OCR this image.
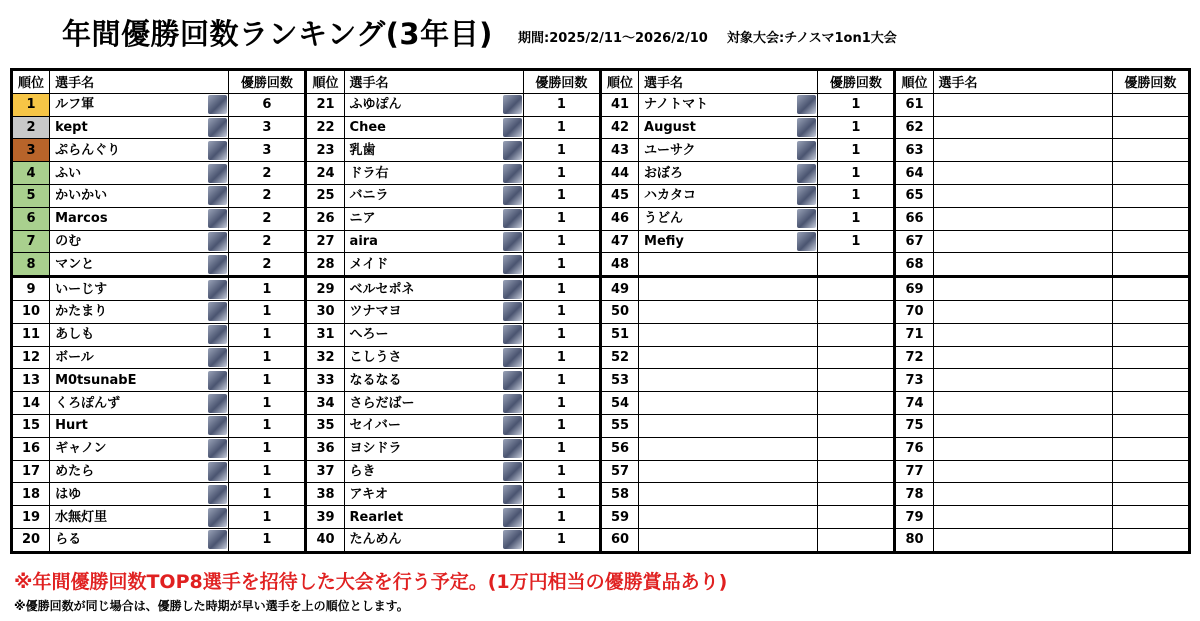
年間優勝回数ランキング(3年目) 期間:2025/2/11～2026/2/10 対象大会:チノスマ1on1大会
順位	選手名	優勝回数	順位	選手名	優勝回数	順位	選手名	優勝回数	順位	選手名	優勝回数
1	ルフ軍	6	21	ふゆぽん	1	41	ナノトマト	1	61	

2	kept	3	22	Chee	1	42	August	1	62	

3	ぷらんぐり	3	23	乳歯	1	43	ユーサク	1	63	

4	ふい	2	24	ドラ右	1	44	おぼろ	1	64	

5	かいかい	2	25	バニラ	1	45	ハカタコ	1	65	

6	Marcos	2	26	ニア	1	46	うどん	1	66	

7	のむ	2	27	aira	1	47	Mefiy	1	67	

8	マンと	2	28	メイド	1	48			68	

9	いーじす	1	29	ベルセポネ	1	49			69	

10	かたまり	1	30	ツナマヨ	1	50			70	

11	あしも	1	31	へろー	1	51			71	

12	ボール	1	32	こしうさ	1	52			72	

13	M0tsunabE	1	33	なるなる	1	53			73	

14	くろぽんず	1	34	さらだばー	1	54			74	

15	Hurt	1	35	セイバー	1	55			75	

16	ギャノン	1	36	ヨシドラ	1	56			76	

17	めたら	1	37	らき	1	57			77	

18	はゆ	1	38	アキオ	1	58			78	

19	水無灯里	1	39	Rearlet	1	59			79	

20	らる	1	40	たんめん	1	60			80	

※年間優勝回数TOP8選手を招待した大会を行う予定。(1万円相当の優勝賞品あり)
※優勝回数が同じ場合は、優勝した時期が早い選手を上の順位とします。
